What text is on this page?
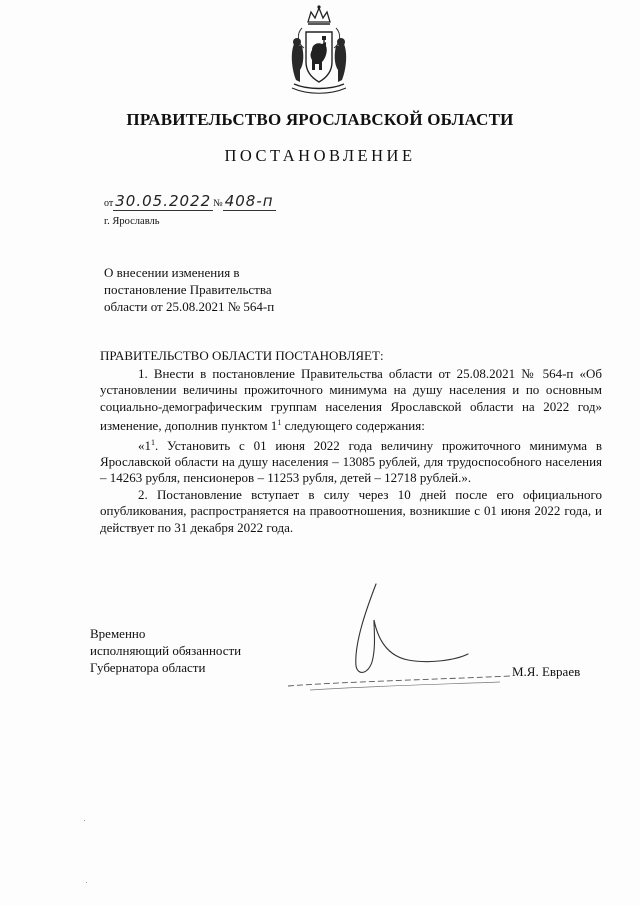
ПРАВИТЕЛЬСТВО ЯРОСЛАВСКОЙ ОБЛАСТИ
ПОСТАНОВЛЕНИЕ
от 30.05.2022 № 408-п
г. Ярославль
О внесении изменения в
постановление Правительства
области от 25.08.2021 № 564-п
ПРАВИТЕЛЬСТВО ОБЛАСТИ ПОСТАНОВЛЯЕТ:

1. Внести в постановление Правительства области от 25.08.2021 № 564-п «Об установлении величины прожиточного минимума на душу населения и по основным социально-демографическим группам населения Ярославской области на 2022 год» изменение, дополнив пунктом $1^1$ следующего содержания:

«$1^1$. Установить с 01 июня 2022 года величину прожиточного минимума в Ярославской области на душу населения – 13085 рублей, для трудоспособного населения – 14263 рубля, пенсионеров – 11253 рубля, детей – 12718 рублей.».

2. Постановление вступает в силу через 10 дней после его официального опубликования, распространяется на правоотношения, возникшие с 01 июня 2022 года, и действует по 31 декабря 2022 года.

Временно
исполняющий обязанности
Губернатора области	М.Я. Евраев
